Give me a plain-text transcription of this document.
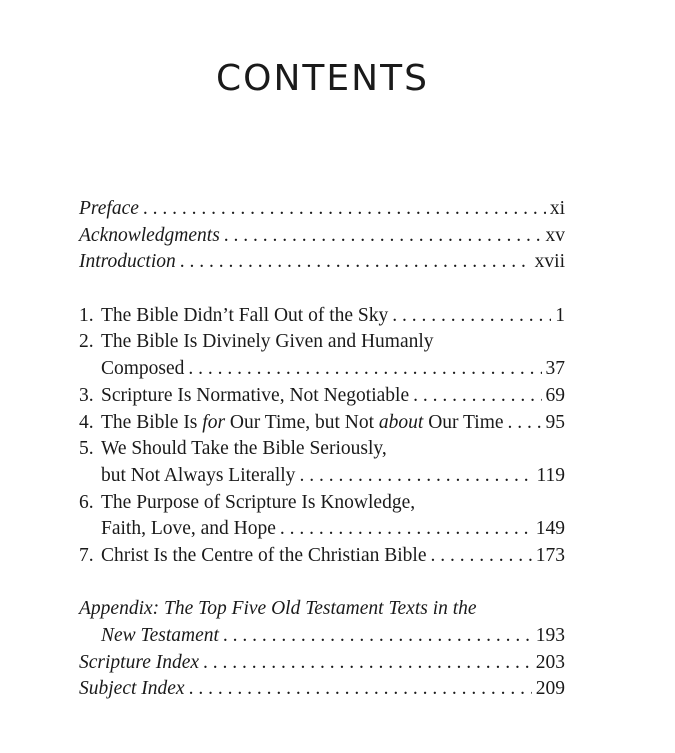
CONTENTS
Preface . . .	xi
Acknowledgments . . .	xv
Introduction . . .	xvii
1. The Bible Didn’t Fall Out of the Sky . . .	1
2. The Bible Is Divinely Given and Humanly
Composed . . .	37
3. Scripture Is Normative, Not Negotiable . . .	69
4. The Bible Is for Our Time, but Not about Our Time . . . 95
5. We Should Take the Bible Seriously,
but Not Always Literally . . .	119
6. The Purpose of Scripture Is Knowledge,
Faith, Love, and Hope . . .	149
7. Christ Is the Centre of the Christian Bible . . .	173
Appendix: The Top Five Old Testament Texts in the
New Testament . . .	193
Scripture Index . . .	203
Subject Index . . .	209
